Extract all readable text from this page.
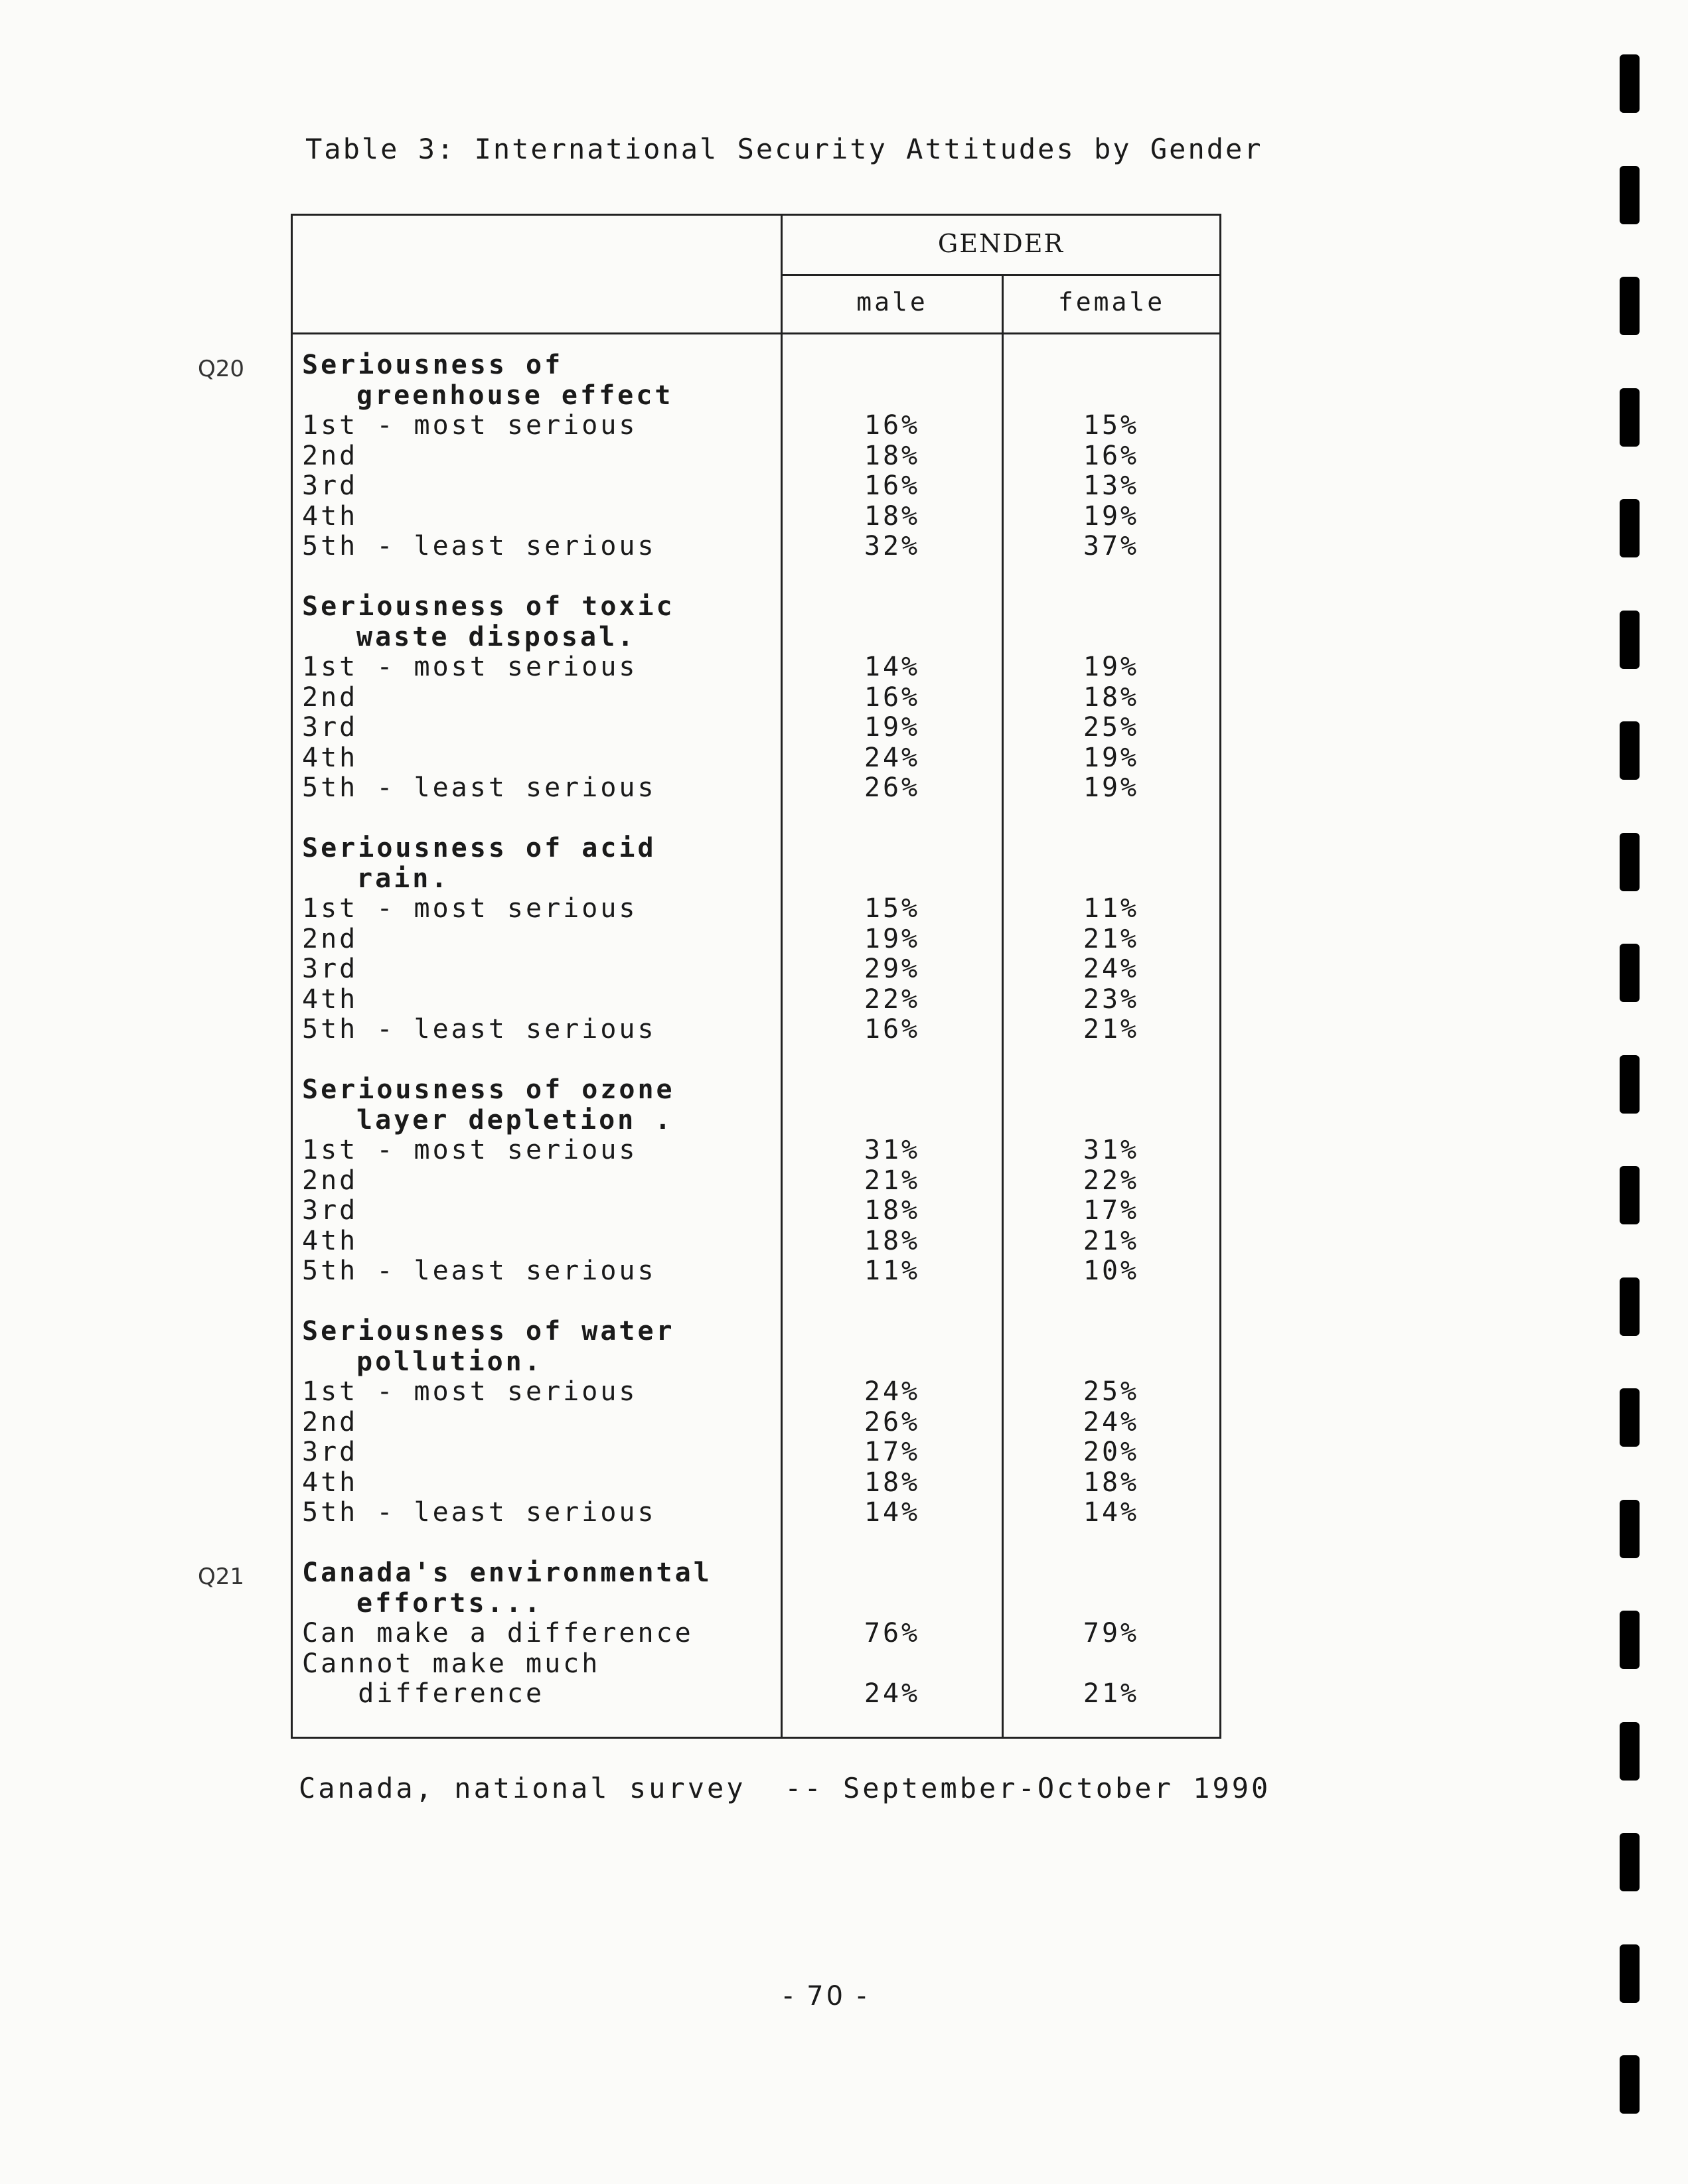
Table 3: International Security Attitudes by Gender
Q20
Q21
GENDER
male	female
Seriousness of
greenhouse effect
1st - most serious	16%	15%
2nd	18%	16%
3rd	16%	13%
4th	18%	19%
5th - least serious	32%	37%
Seriousness of toxic
waste disposal.
1st - most serious	14%	19%
2nd	16%	18%
3rd	19%	25%
4th	24%	19%
5th - least serious	26%	19%
Seriousness of acid
rain.
1st - most serious	15%	11%
2nd	19%	21%
3rd	29%	24%
4th	22%	23%
5th - least serious	16%	21%
Seriousness of ozone
layer depletion .
1st - most serious	31%	31%
2nd	21%	22%
3rd	18%	17%
4th	18%	21%
5th - least serious	11%	10%
Seriousness of water
pollution.
1st - most serious	24%	25%
2nd	26%	24%
3rd	17%	20%
4th	18%	18%
5th - least serious	14%	14%
Canada's environmental
efforts...
Can make a difference	76%	79%
Cannot make much
difference	24%	21%
Canada, national survey  -- September-October 1990
- 70 -
